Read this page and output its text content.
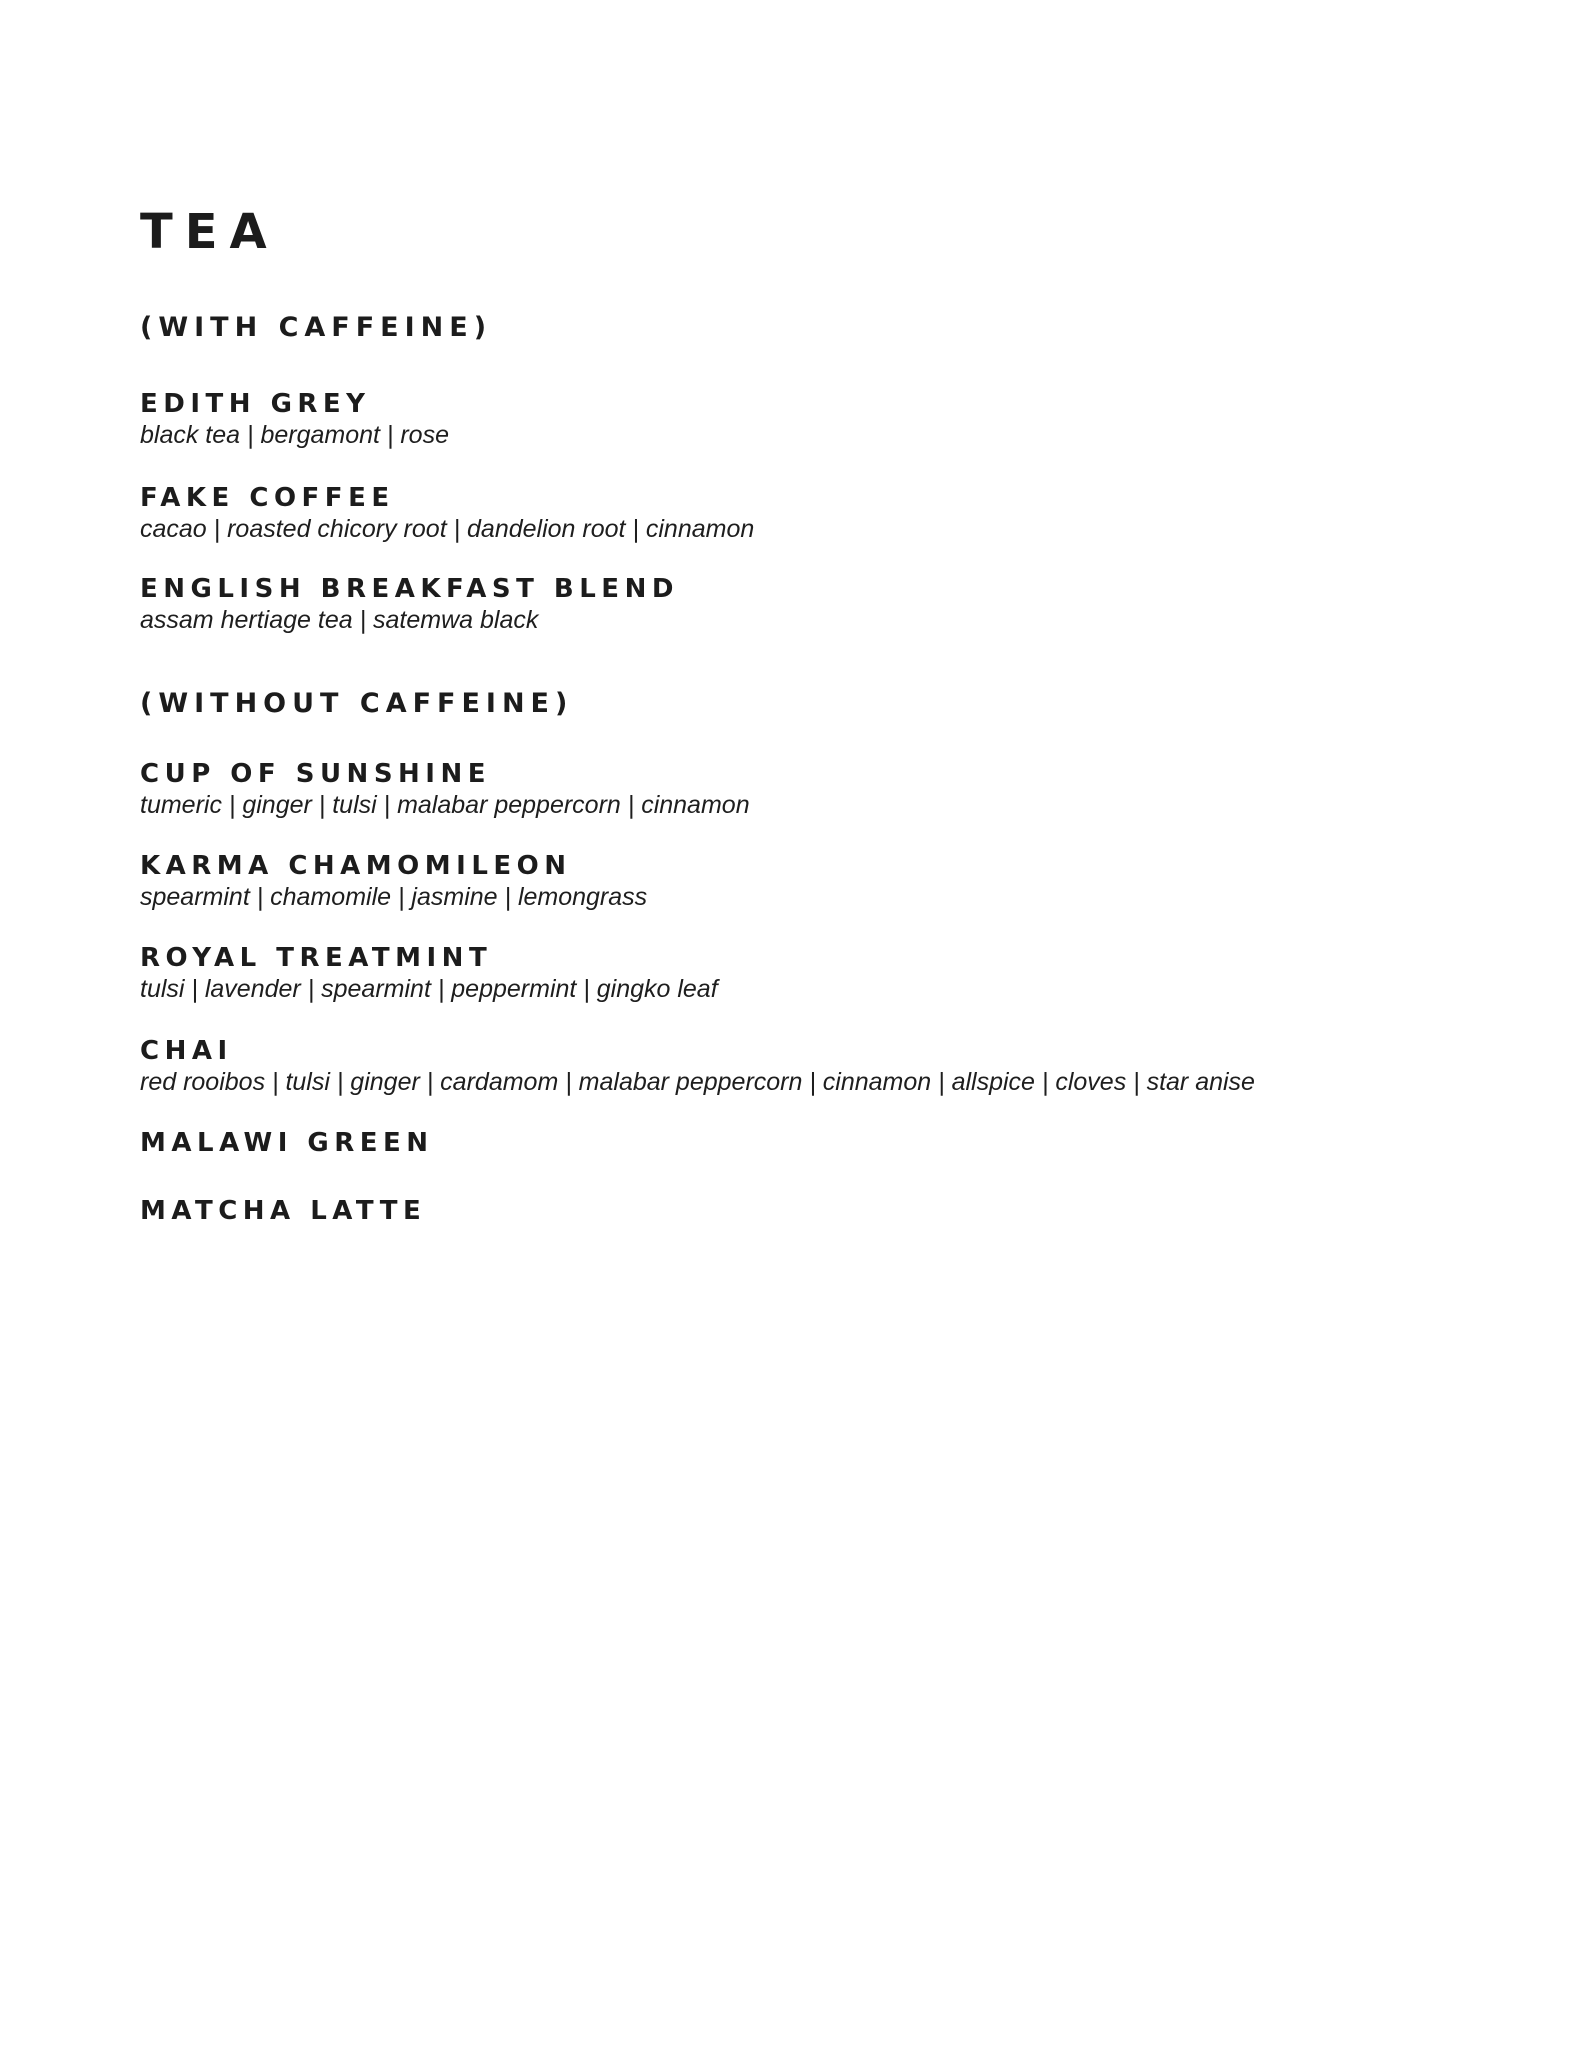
TEA
(WITH CAFFEINE)
EDITH GREY
black tea | bergamont | rose
FAKE COFFEE
cacao | roasted chicory root | dandelion root | cinnamon
ENGLISH BREAKFAST BLEND
assam hertiage tea | satemwa black
(WITHOUT CAFFEINE)
CUP OF SUNSHINE
tumeric | ginger | tulsi | malabar peppercorn | cinnamon
KARMA CHAMOMILEON
spearmint | chamomile | jasmine | lemongrass
ROYAL TREATMINT
tulsi | lavender | spearmint | peppermint | gingko leaf
CHAI
red rooibos | tulsi | ginger | cardamom | malabar peppercorn | cinnamon | allspice | cloves | star anise
MALAWI GREEN
MATCHA LATTE
